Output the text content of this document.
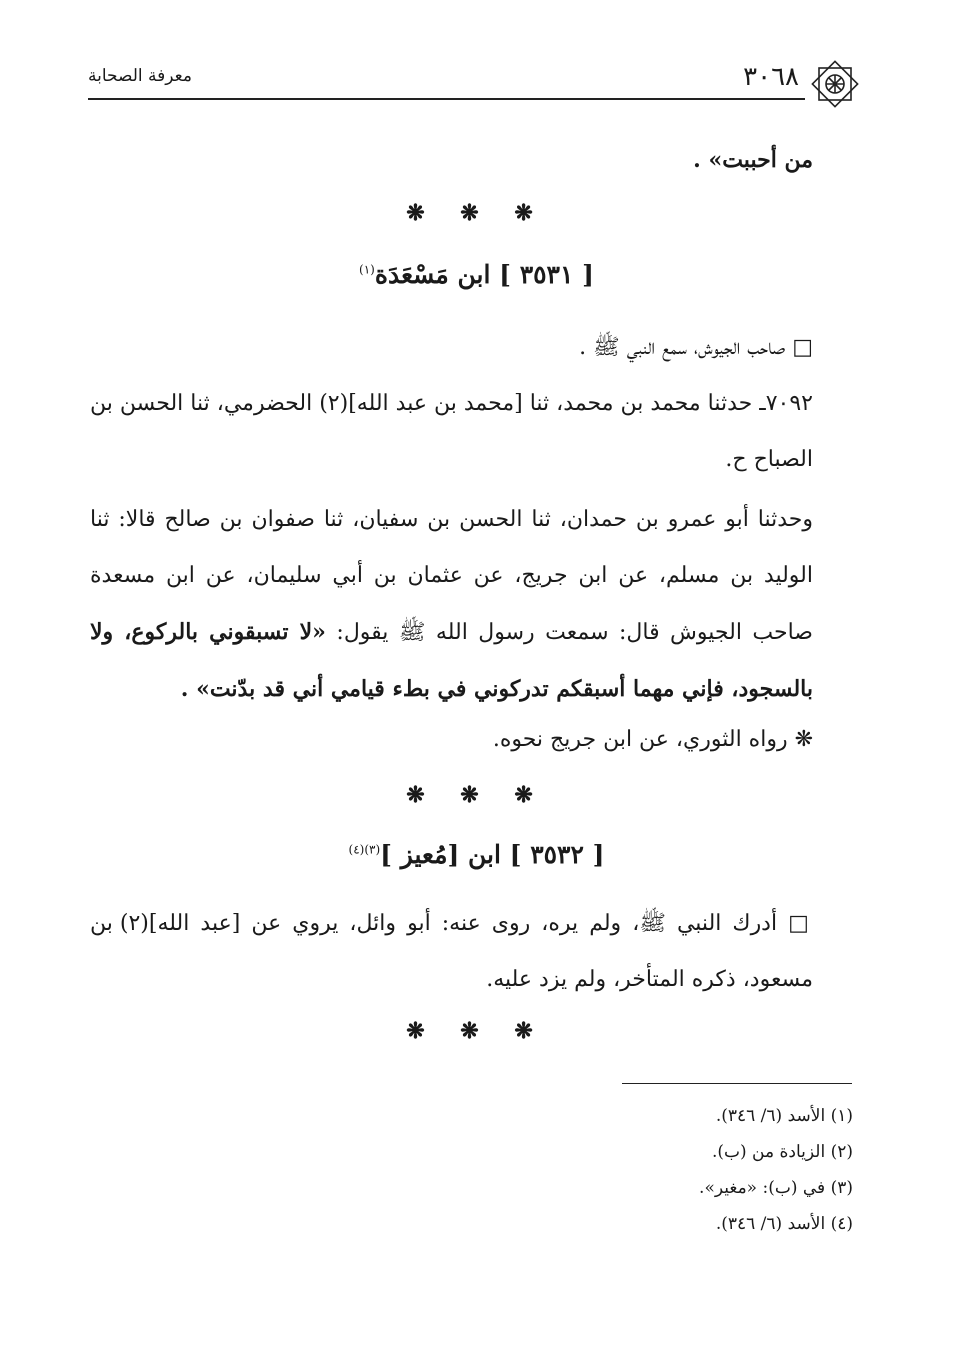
٣٠٦٨
معرفة الصحابة

من أحببت» .

❋ ❋ ❋
[ ٣٥٣١ ] ابن مَسْعَدَة$^{(١)}$

□ صاحب الجيوش، سمع النبي ﷺ .

٧٠٩٢ـ حدثنا محمد بن محمد، ثنا [محمد بن عبد الله](٢) الحضرمي، ثنا الحسن بن الصباح ح.

وحدثنا أبو عمرو بن حمدان، ثنا الحسن بن سفيان، ثنا صفوان بن صالح قالا: ثنا الوليد بن مسلم، عن ابن جريج، عن عثمان بن أبي سليمان، عن ابن مسعدة صاحب الجيوش قال: سمعت رسول الله ﷺ يقول: «لا تسبقوني بالركوع، ولا بالسجود، فإني مهما أسبقكم تدركوني في بطء قيامي أني قد بدّنت» .

❋ رواه الثوري، عن ابن جريج نحوه.

❋ ❋ ❋
[ ٣٥٣٢ ] ابن [مُعيز ]$^{(٣)(٤)}$

□ أدرك النبي ﷺ، ولم يره، روى عنه: أبو وائل، يروي عن [عبد الله](٢) بن مسعود، ذكره المتأخر، ولم يزد عليه.

❋ ❋ ❋
(١) الأسد (٦/ ٣٤٦).
(٢) الزيادة من (ب).
(٣) في (ب): «مغير».
(٤) الأسد (٦/ ٣٤٦).
